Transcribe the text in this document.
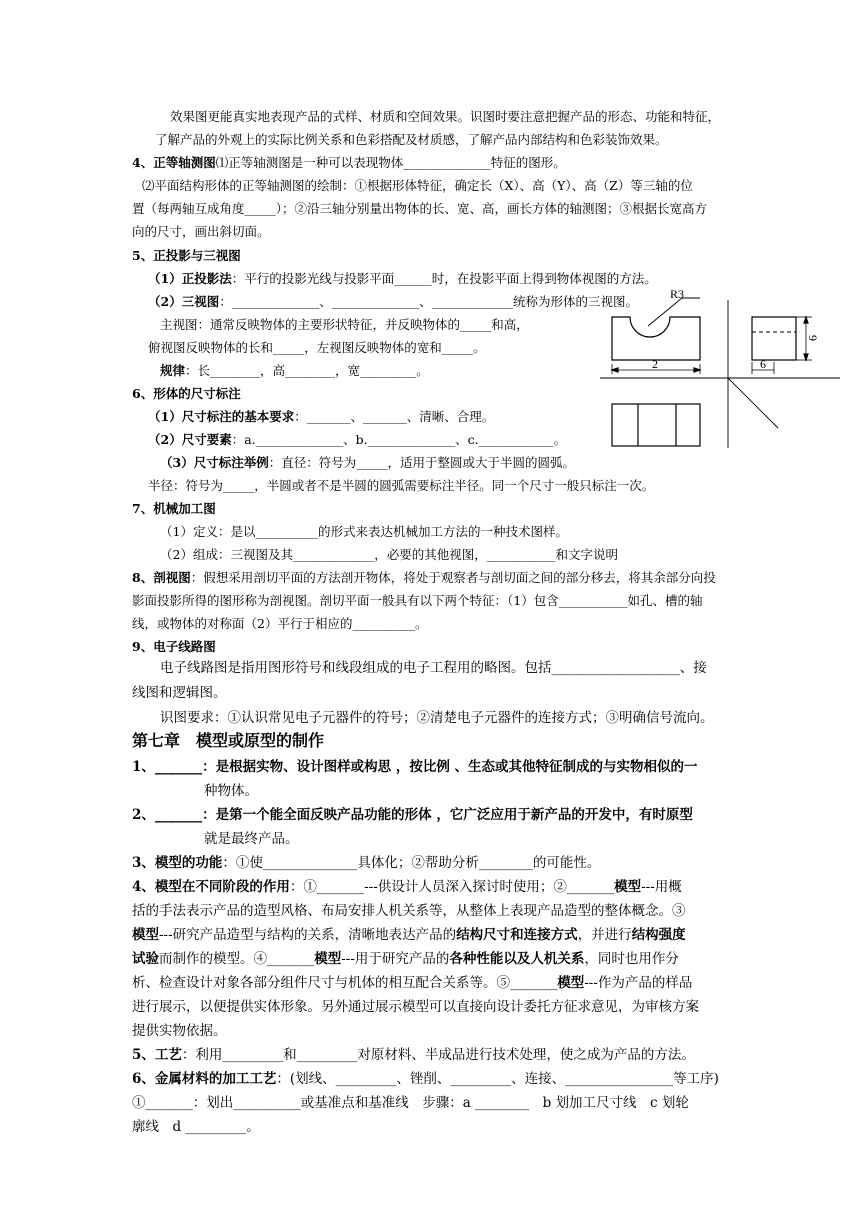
效果图更能真实地表现产品的式样、材质和空间效果。识图时要注意把握产品的形态、功能和特征，
了解产品的外观上的实际比例关系和色彩搭配及材质感，了解产品内部结构和色彩装饰效果。
4、正等轴测图⑴正等轴测图是一种可以表现物体______________特征的图形。
⑵平面结构形体的正等轴测图的绘制：①根据形体特征，确定长（X）、高（Y）、高（Z）等三轴的位
置（每两轴互成角度_____）；②沿三轴分别量出物体的长、宽、高，画长方体的轴测图；③根据长宽高方
向的尺寸，画出斜切面。
5、正投影与三视图
（1）正投影法：平行的投影光线与投影平面______时，在投影平面上得到物体视图的方法。
（2）三视图：______________、______________、_____________统称为形体的三视图。
主视图：通常反映物体的主要形状特征，并反映物体的_____和高，
俯视图反映物体的长和_____，左视图反映物体的宽和_____。
规律：长________，高________，宽_________。
6、形体的尺寸标注
（1）尺寸标注的基本要求：_______、_______、清晰、合理。
（2）尺寸要素：a.______________、b.______________、c.____________。
（3）尺寸标注举例：直径：符号为_____，适用于整圆或大于半圆的圆弧。
半径：符号为_____，半圆或者不是半圆的圆弧需要标注半径。同一个尺寸一般只标注一次。
7、机械加工图
（1）定义：是以__________的形式来表达机械加工方法的一种技术图样。
（2）组成：三视图及其_____________，必要的其他视图，___________和文字说明
8、剖视图：假想采用剖切平面的方法剖开物体，将处于观察者与剖切面之间的部分移去，将其余部分向投
影面投影所得的图形称为剖视图。剖切平面一般具有以下两个特征：（1）包含___________如孔、槽的轴
线，或物体的对称面（2）平行于相应的__________。
9、电子线路图
电子线路图是指用图形符号和线段组成的电子工程用的略图。包括___________________、接
线图和逻辑图。
识图要求：①认识常见电子元器件的符号；②清楚电子元器件的连接方式；③明确信号流向。
第七章　模型或原型的制作
1、_______：是根据实物、设计图样或构思 ，按比例 、生态或其他特征制成的与实物相似的一
种物体。
2、_______：是第一个能全面反映产品功能的形体 ，它广泛应用于新产品的开发中，有时原型
就是最终产品。
3、模型的功能：①使______________具体化；②帮助分析________的可能性。
4、模型在不同阶段的作用：①_______---供设计人员深入探讨时使用；②_______模型---用概
括的手法表示产品的造型风格、布局安排人机关系等，从整体上表现产品造型的整体概念。③
模型---研究产品造型与结构的关系，清晰地表达产品的结构尺寸和连接方式，并进行结构强度
试验而制作的模型。④_______模型---用于研究产品的各种性能以及人机关系，同时也用作分
析、检查设计对象各部分组件尺寸与机体的相互配合关系等。⑤_______模型---作为产品的样品
进行展示，以便提供实体形象。另外通过展示模型可以直接向设计委托方征求意见，为审核方案
提供实物依据。
5、工艺：利用_________和_________对原材料、半成品进行技术处理，使之成为产品的方法。
6、金属材料的加工工艺：(划线、_________、锉削、_________、连接、________________等工序)
①_______：划出__________或基准点和基准线　步骤：a ________　b 划加工尺寸线　c 划轮
廓线　d _________。
R3
2
9
6
